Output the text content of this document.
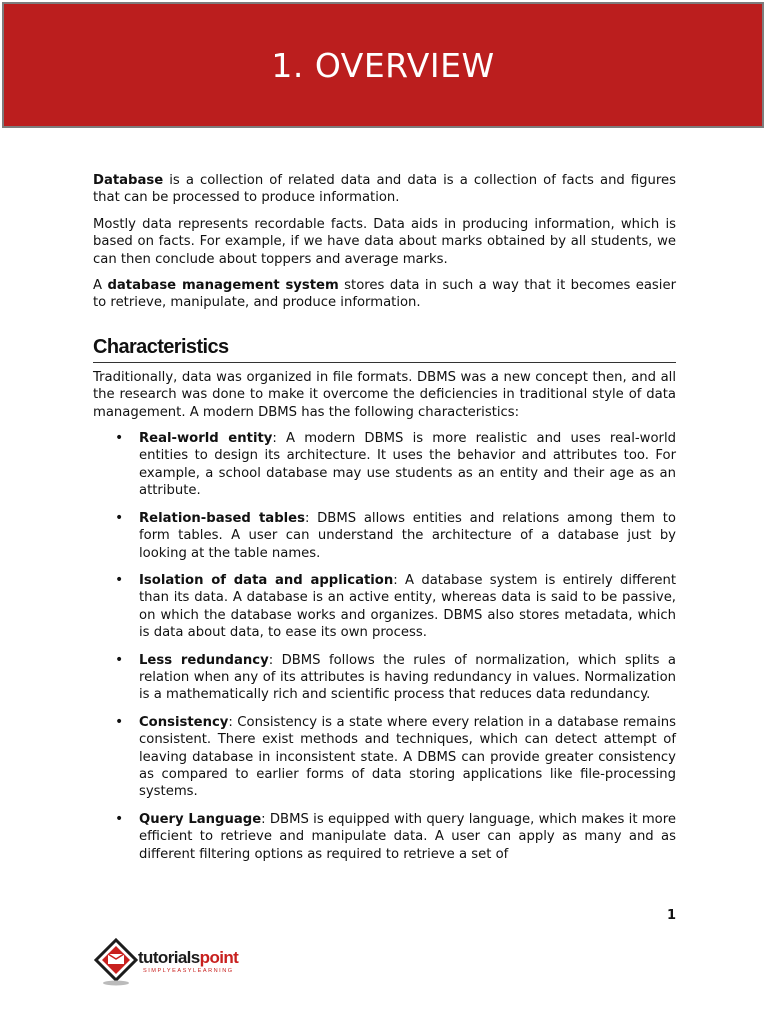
1. OVERVIEW

Database is a collection of related data and data is a collection of facts and figures that can be processed to produce information.

Mostly data represents recordable facts. Data aids in producing information, which is based on facts. For example, if we have data about marks obtained by all students, we can then conclude about toppers and average marks.

A database management system stores data in such a way that it becomes easier to retrieve, manipulate, and produce information.

Characteristics

Traditionally, data was organized in file formats. DBMS was a new concept then, and all the research was done to make it overcome the deficiencies in traditional style of data management. A modern DBMS has the following characteristics:

• Real-world entity: A modern DBMS is more realistic and uses real-world entities to design its architecture. It uses the behavior and attributes too. For example, a school database may use students as an entity and their age as an attribute.
• Relation-based tables: DBMS allows entities and relations among them to form tables. A user can understand the architecture of a database just by looking at the table names.
• Isolation of data and application: A database system is entirely different than its data. A database is an active entity, whereas data is said to be passive, on which the database works and organizes. DBMS also stores metadata, which is data about data, to ease its own process.
• Less redundancy: DBMS follows the rules of normalization, which splits a relation when any of its attributes is having redundancy in values. Normalization is a mathematically rich and scientific process that reduces data redundancy.
• Consistency: Consistency is a state where every relation in a database remains consistent. There exist methods and techniques, which can detect attempt of leaving database in inconsistent state. A DBMS can provide greater consistency as compared to earlier forms of data storing applications like file-processing systems.
• Query Language: DBMS is equipped with query language, which makes it more efficient to retrieve and manipulate data. A user can apply as many and as different filtering options as required to retrieve a set of
1
tutorialspoint
SIMPLYEASYLEARNING
